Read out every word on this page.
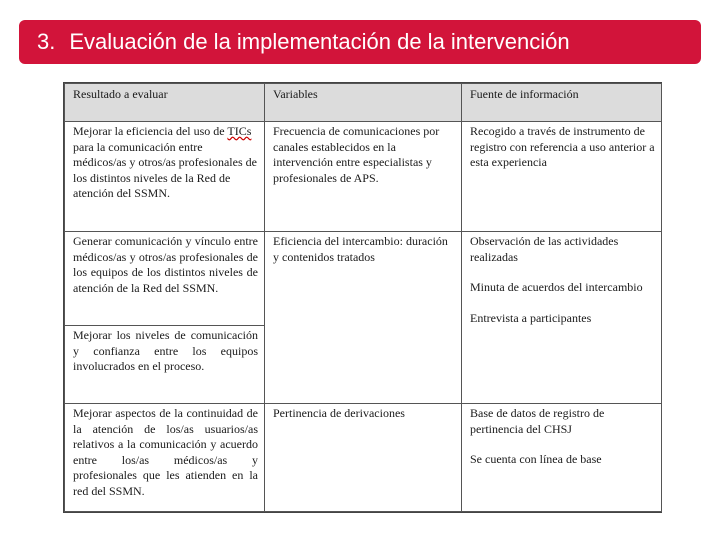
3. Evaluación de la implementación de la intervención
Resultado a evaluar	Variables	Fuente de información
Mejorar la eficiencia del uso de TICs para la comunicación entre médicos/as y otros/as profesionales de los distintos niveles de la Red de atención del SSMN.	Frecuencia de comunicaciones por canales establecidos en la intervención entre especialistas y profesionales de APS.	Recogido a través de instrumento de registro con referencia a uso anterior a esta experiencia

Generar comunicación y vínculo entre médicos/as y otros/as profesionales de los equipos de los distintos niveles de atención de la Red del SSMN.	Eficiencia del intercambio: duración y contenidos tratados	Observación de las actividades realizadas
Minuta de acuerdos del intercambio
Entrevista a participantes

Mejorar los niveles de comunicación y confianza entre los equipos involucrados en el proceso.		
Mejorar aspectos de la continuidad de la atención de los/as usuarios/as relativos a la comunicación y acuerdo entre los/as médicos/as y profesionales que les atienden en la red del SSMN.	Pertinencia de derivaciones	Base de datos de registro de pertinencia del CHSJ
Se cuenta con línea de base
